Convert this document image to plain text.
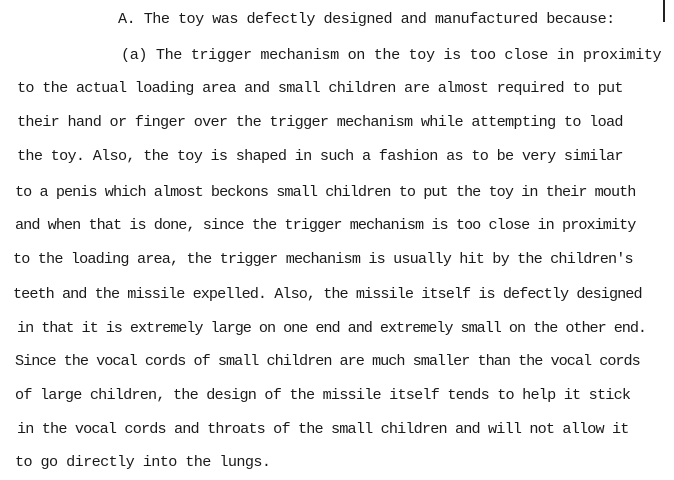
A. The toy was defectly designed and manufactured because:
(a) The trigger mechanism on the toy is too close in proximity
to the actual loading area and small children are almost required to put
their hand or finger over the trigger mechanism while attempting to load
the toy. Also, the toy is shaped in such a fashion as to be very similar
to a penis which almost beckons small children to put the toy in their mouth
and when that is done, since the trigger mechanism is too close in proximity
to the loading area, the trigger mechanism is usually hit by the children's
teeth and the missile expelled. Also, the missile itself is defectly designed
in that it is extremely large on one end and extremely small on the other end.
Since the vocal cords of small children are much smaller than the vocal cords
of large children, the design of the missile itself tends to help it stick
in the vocal cords and throats of the small children and will not allow it
to go directly into the lungs.
